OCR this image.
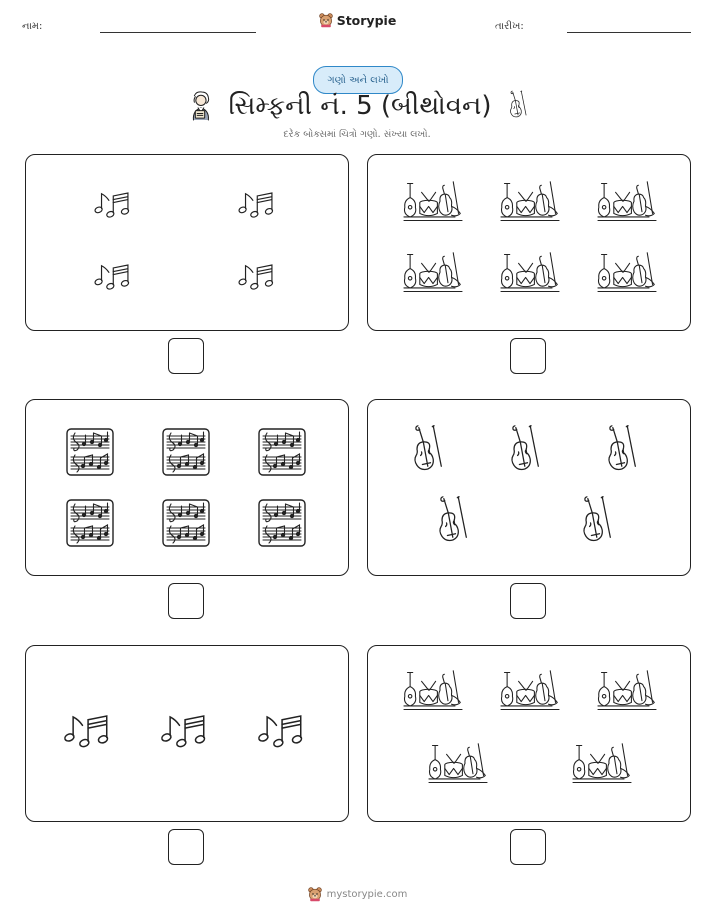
નામ:	Storypie	તારીખ:
ગણો અને લખો
સિમ્ફની નં. 5 (બીથોવન)
દરેક બોક્સમાં ચિત્રો ગણો. સંખ્યા લખો.
mystorypie.com
